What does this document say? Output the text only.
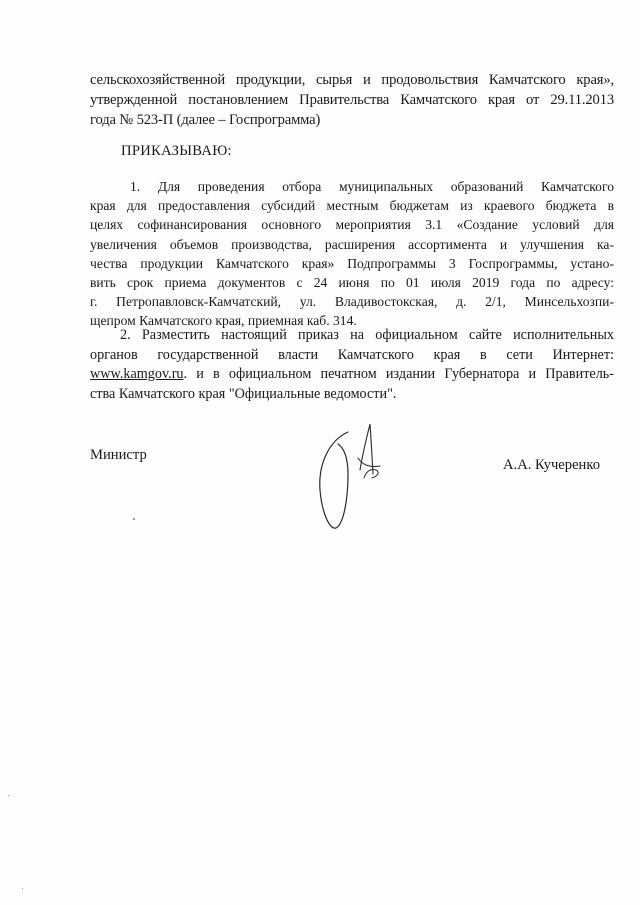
сельскохозяйственной продукции, сырья и продовольствия Камчатского края»,
утвержденной постановлением Правительства Камчатского края от 29.11.2013
года № 523-П (далее – Госпрограмма)

ПРИКАЗЫВАЮ:

1. Для проведения отбора муниципальных образований Камчатского
края для предоставления субсидий местным бюджетам из краевого бюджета в
целях софинансирования основного мероприятия 3.1 «Создание условий для
увеличения объемов производства, расширения ассортимента и улучшения ка-
чества продукции Камчатского края» Подпрограммы 3 Госпрограммы, устано-
вить срок приема документов с 24 июня по 01 июля 2019 года по адресу:
г. Петропавловск-Камчатский, ул. Владивостокская, д. 2/1, Минсельхозпи-
щепром Камчатского края, приемная каб. 314.
2. Разместить настоящий приказ на официальном сайте исполнительных
органов государственной власти Камчатского края в сети Интернет:
www.kamgov.ru. и в официальном печатном издании Губернатора и Правитель-
ства Камчатского края "Официальные ведомости".

Министр

А.А. Кучеренко
